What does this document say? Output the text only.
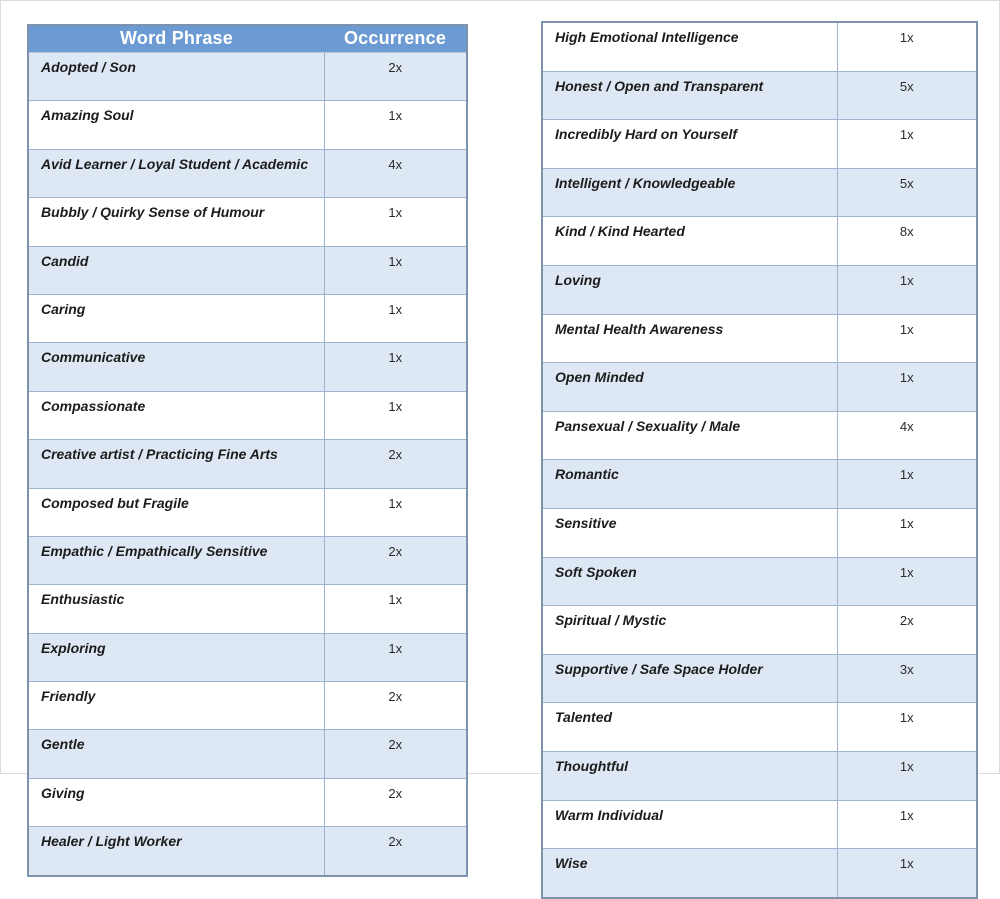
Word Phrase	Occurrence
Adopted / Son	2x
Amazing Soul	1x
Avid Learner / Loyal Student / Academic	4x
Bubbly / Quirky Sense of Humour	1x
Candid	1x
Caring	1x
Communicative	1x
Compassionate	1x
Creative artist / Practicing Fine Arts	2x
Composed but Fragile	1x
Empathic / Empathically Sensitive	2x
Enthusiastic	1x
Exploring	1x
Friendly	2x
Gentle	2x
Giving	2x
Healer / Light Worker	2x
High Emotional Intelligence	1x
Honest / Open and Transparent	5x
Incredibly Hard on Yourself	1x
Intelligent / Knowledgeable	5x
Kind / Kind Hearted	8x
Loving	1x
Mental Health Awareness	1x
Open Minded	1x
Pansexual / Sexuality / Male	4x
Romantic	1x
Sensitive	1x
Soft Spoken	1x
Spiritual / Mystic	2x
Supportive / Safe Space Holder	3x
Talented	1x
Thoughtful	1x
Warm Individual	1x
Wise	1x
